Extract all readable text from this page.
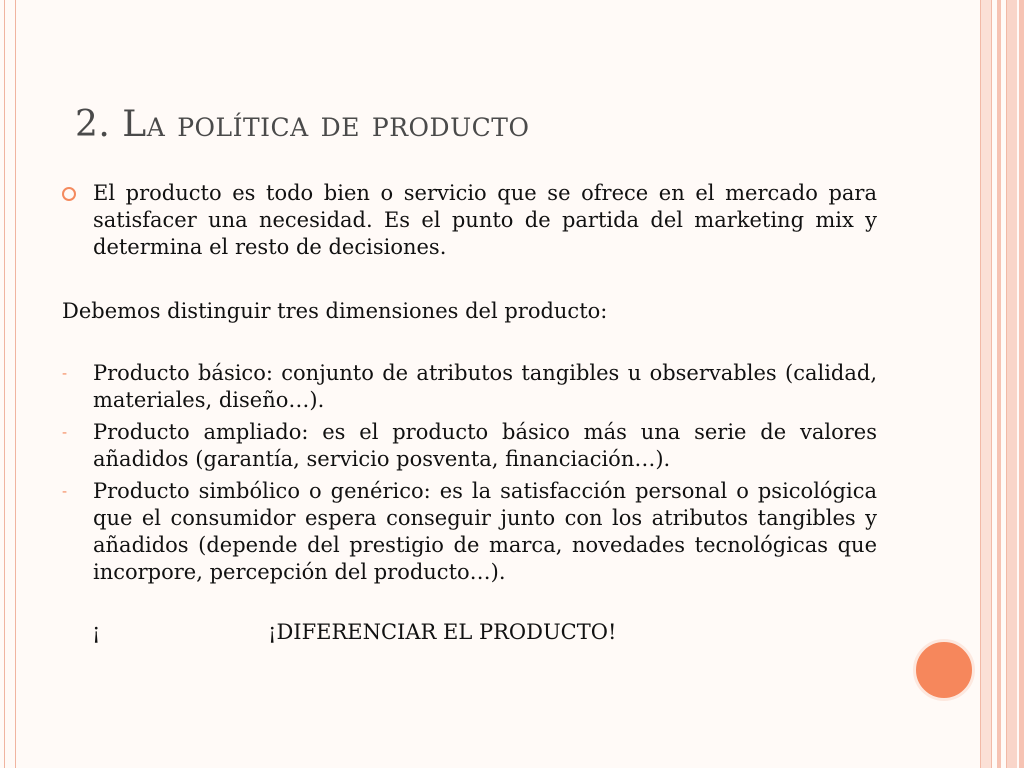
2. La política de producto
El producto es todo bien o servicio que se ofrece en el mercado para satisfacer una necesidad. Es el punto de partida del marketing mix y determina el resto de decisiones.

Debemos distinguir tres dimensiones del producto:

- Producto básico: conjunto de atributos tangibles u observables (calidad, materiales, diseño…).
- Producto ampliado: es el producto básico más una serie de valores añadidos (garantía, servicio posventa, financiación…).
- Producto simbólico o genérico: es la satisfacción personal o psicológica que el consumidor espera conseguir junto con los atributos tangibles y añadidos (depende del prestigio de marca, novedades tecnológicas que incorpore, percepción del producto…).
¡	¡DIFERENCIAR EL PRODUCTO!
